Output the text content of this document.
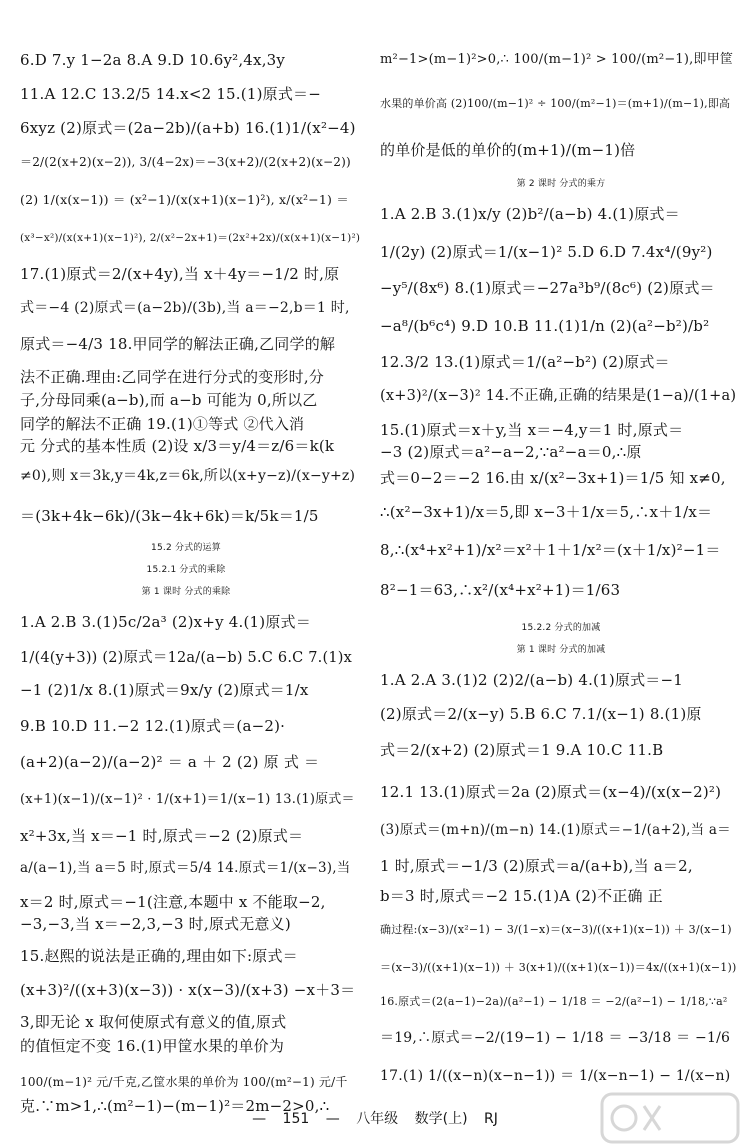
6.D 7.y 1−2a 8.A 9.D 10.6y²,4x,3y
11.A 12.C 13.2/5 14.x<2 15.(1)原式＝−
6xyz (2)原式＝(2a−2b)/(a+b) 16.(1)1/(x²−4)
＝2/(2(x+2)(x−2)), 3/(4−2x)＝−3(x+2)/(2(x+2)(x−2))
(2) 1/(x(x−1)) ＝ (x²−1)/(x(x+1)(x−1)²), x/(x²−1) ＝
(x³−x²)/(x(x+1)(x−1)²), 2/(x²−2x+1)＝(2x²+2x)/(x(x+1)(x−1)²)
17.(1)原式＝2/(x+4y),当 x＋4y＝−1/2 时,原
式＝−4 (2)原式＝(a−2b)/(3b),当 a＝−2,b＝1 时,
原式＝−4/3 18.甲同学的解法正确,乙同学的解
法不正确.理由:乙同学在进行分式的变形时,分
子,分母同乘(a−b),而 a−b 可能为 0,所以乙
同学的解法不正确 19.(1)①等式 ②代入消
元 分式的基本性质 (2)设 x/3＝y/4＝z/6＝k(k
≠0),则 x＝3k,y＝4k,z＝6k,所以(x+y−z)/(x−y+z)
＝(3k+4k−6k)/(3k−4k+6k)＝k/5k＝1/5
15.2 分式的运算
15.2.1 分式的乘除
第 1 课时 分式的乘除
1.A 2.B 3.(1)5c/2a³ (2)x+y 4.(1)原式＝
1/(4(y+3)) (2)原式＝12a/(a−b) 5.C 6.C 7.(1)x
−1 (2)1/x 8.(1)原式＝9x/y (2)原式＝1/x
9.B 10.D 11.−2 12.(1)原式＝(a−2)·
(a+2)(a−2)/(a−2)² ＝ a ＋ 2 (2) 原 式 ＝
(x+1)(x−1)/(x−1)² · 1/(x+1)＝1/(x−1) 13.(1)原式＝
x²+3x,当 x＝−1 时,原式＝−2 (2)原式＝
a/(a−1),当 a＝5 时,原式＝5/4 14.原式＝1/(x−3),当
x＝2 时,原式＝−1(注意,本题中 x 不能取−2,
−3,−3,当 x＝−2,3,−3 时,原式无意义)
15.赵熙的说法是正确的,理由如下:原式＝
(x+3)²/((x+3)(x−3)) · x(x−3)/(x+3) −x＋3＝
3,即无论 x 取何使原式有意义的值,原式
的值恒定不变 16.(1)甲筐水果的单价为
100/(m−1)² 元/千克,乙筐水果的单价为 100/(m²−1) 元/千
克.∵m>1,∴(m²−1)−(m−1)²＝2m−2>0,∴
m²−1>(m−1)²>0,∴ 100/(m−1)² > 100/(m²−1),即甲筐
水果的单价高 (2)100/(m−1)² ÷ 100/(m²−1)＝(m+1)/(m−1),即高
的单价是低的单价的(m+1)/(m−1)倍
第 2 课时 分式的乘方
1.A 2.B 3.(1)x/y (2)b²/(a−b) 4.(1)原式＝
1/(2y) (2)原式＝1/(x−1)² 5.D 6.D 7.4x⁴/(9y²)
−y⁵/(8x⁶) 8.(1)原式＝−27a³b⁹/(8c⁶) (2)原式＝
−a⁸/(b⁶c⁴) 9.D 10.B 11.(1)1/n (2)(a²−b²)/b²
12.3/2 13.(1)原式＝1/(a²−b²) (2)原式＝
(x+3)²/(x−3)² 14.不正确,正确的结果是(1−a)/(1+a)
15.(1)原式＝x＋y,当 x＝−4,y＝1 时,原式＝
−3 (2)原式＝a²−a−2,∵a²−a＝0,∴原
式＝0−2＝−2 16.由 x/(x²−3x+1)＝1/5 知 x≠0,
∴(x²−3x+1)/x＝5,即 x−3＋1/x＝5,∴x＋1/x＝
8,∴(x⁴+x²+1)/x²＝x²＋1＋1/x²＝(x＋1/x)²−1＝
8²−1＝63,∴x²/(x⁴+x²+1)＝1/63
15.2.2 分式的加减
第 1 课时 分式的加减
1.A 2.A 3.(1)2 (2)2/(a−b) 4.(1)原式＝−1
(2)原式＝2/(x−y) 5.B 6.C 7.1/(x−1) 8.(1)原
式＝2/(x+2) (2)原式＝1 9.A 10.C 11.B
12.1 13.(1)原式＝2a (2)原式＝(x−4)/(x(x−2)²)
(3)原式＝(m+n)/(m−n) 14.(1)原式＝−1/(a+2),当 a＝
1 时,原式＝−1/3 (2)原式＝a/(a+b),当 a＝2,
b＝3 时,原式＝−2 15.(1)A (2)不正确 正
确过程:(x−3)/(x²−1) − 3/(1−x)＝(x−3)/((x+1)(x−1)) ＋ 3/(x−1)
＝(x−3)/((x+1)(x−1)) ＋ 3(x+1)/((x+1)(x−1))＝4x/((x+1)(x−1))
16.原式＝(2(a−1)−2a)/(a²−1) − 1/18 ＝ −2/(a²−1) − 1/18,∵a²
＝19,∴原式＝−2/(19−1) − 1/18 ＝ −3/18 ＝ −1/6
17.(1) 1/((x−n)(x−n−1)) ＝ 1/(x−n−1) − 1/(x−n)
— 151 — 八年级 数学(上) RJ
